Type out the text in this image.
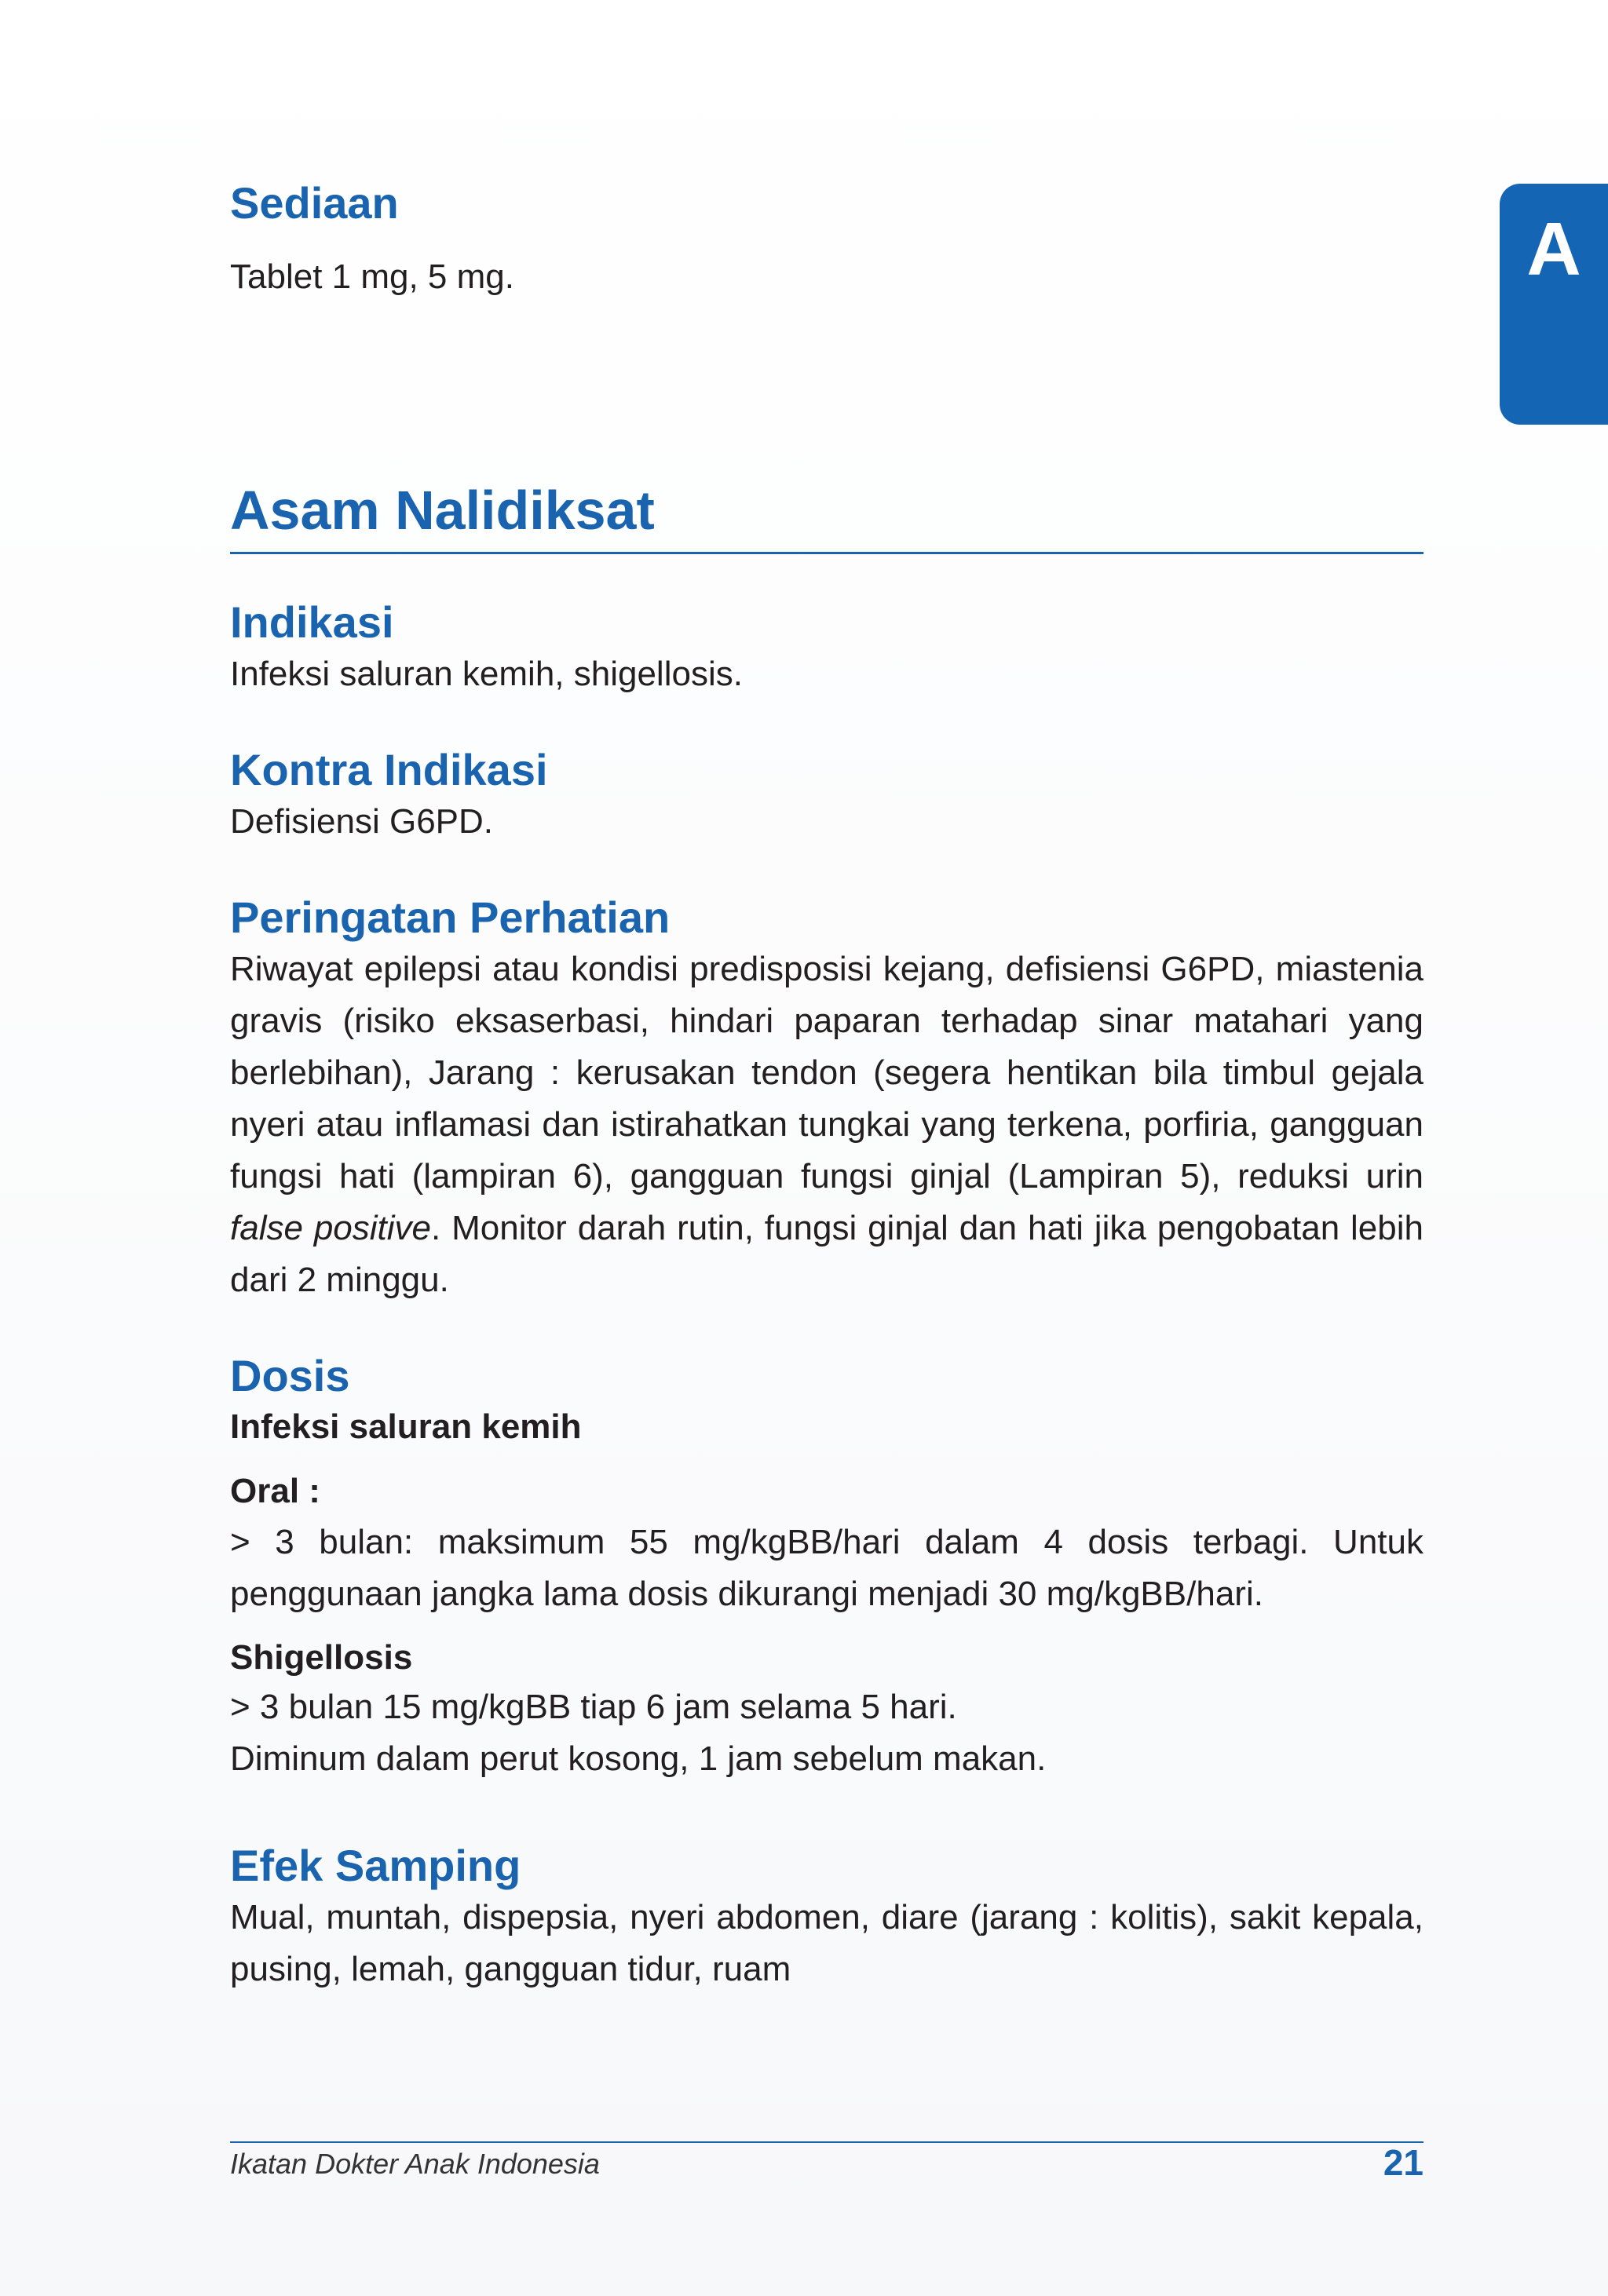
A
Sediaan

Tablet 1 mg, 5 mg.

Asam Nalidiksat
Indikasi

Infeksi saluran kemih, shigellosis.

Kontra Indikasi

Defisiensi G6PD.

Peringatan Perhatian

Riwayat epilepsi atau kondisi predisposisi kejang, defisiensi G6PD, miastenia gravis (risiko eksaserbasi, hindari paparan terhadap sinar matahari yang berlebihan), Jarang : kerusakan tendon (segera hentikan bila timbul gejala nyeri atau inflamasi dan istirahatkan tungkai yang terkena, porfiria, gangguan fungsi hati (lampiran 6), gangguan fungsi ginjal (Lampiran 5), reduksi urin false positive. Monitor darah rutin, fungsi ginjal dan hati jika pengobatan lebih dari 2 minggu.

Dosis

Infeksi saluran kemih

Oral :

> 3 bulan: maksimum 55 mg/kgBB/hari dalam 4 dosis terbagi. Untuk penggunaan jangka lama dosis dikurangi menjadi 30 mg/kgBB/hari.

Shigellosis

> 3 bulan 15 mg/kgBB tiap 6 jam selama 5 hari.

Diminum dalam perut kosong, 1 jam sebelum makan.

Efek Samping

Mual, muntah, dispepsia, nyeri abdomen, diare (jarang : kolitis), sakit kepala, pusing, lemah, gangguan tidur, ruam

Ikatan Dokter Anak Indonesia	21
